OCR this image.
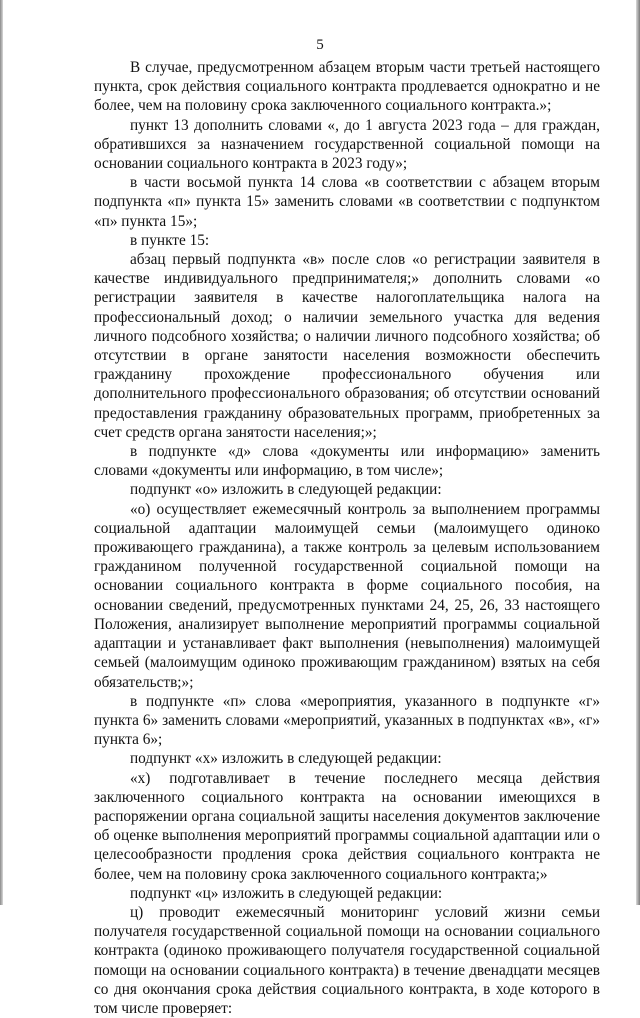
5

В случае, предусмотренном абзацем вторым части третьей настоящего пункта, срок действия социального контракта продлевается однократно и не более, чем на половину срока заключенного социального контракта.»;

пункт 13 дополнить словами «, до 1 августа 2023 года – для граждан, обратившихся за назначением государственной социальной помощи на основании социального контракта в 2023 году»;

в части восьмой пункта 14 слова «в соответствии с абзацем вторым подпункта «п» пункта 15» заменить словами «в соответствии с подпунктом «п» пункта 15»;

в пункте 15:

абзац первый подпункта «в» после слов «о регистрации заявителя в качестве индивидуального предпринимателя;» дополнить словами «о регистрации заявителя в качестве налогоплательщика налога на профессиональный доход; о наличии земельного участка для ведения личного подсобного хозяйства; о наличии личного подсобного хозяйства; об отсутствии в органе занятости населения возможности обеспечить гражданину прохождение профессионального обучения или дополнительного профессионального образования; об отсутствии оснований предоставления гражданину образовательных программ, приобретенных за счет средств органа занятости населения;»;

в подпункте «д» слова «документы или информацию» заменить словами «документы или информацию, в том числе»;

подпункт «о» изложить в следующей редакции:

«о) осуществляет ежемесячный контроль за выполнением программы социальной адаптации малоимущей семьи (малоимущего одиноко проживающего гражданина), а также контроль за целевым использованием гражданином полученной государственной социальной помощи на основании социального контракта в форме социального пособия, на основании сведений, предусмотренных пунктами 24, 25, 26, 33 настоящего Положения, анализирует выполнение мероприятий программы социальной адаптации и устанавливает факт выполнения (невыполнения) малоимущей семьей (малоимущим одиноко проживающим гражданином) взятых на себя обязательств;»;

в подпункте «п» слова «мероприятия, указанного в подпункте «г» пункта 6» заменить словами «мероприятий, указанных в подпунктах «в», «г» пункта 6»;

подпункт «х» изложить в следующей редакции:

«х) подготавливает в течение последнего месяца действия заключенного социального контракта на основании имеющихся в распоряжении органа социальной защиты населения документов заключение об оценке выполнения мероприятий программы социальной адаптации или о целесообразности продления срока действия социального контракта не более, чем на половину срока заключенного социального контракта;»

подпункт «ц» изложить в следующей редакции:

ц) проводит ежемесячный мониторинг условий жизни семьи получателя государственной социальной помощи на основании социального контракта (одиноко проживающего получателя государственной социальной помощи на основании социального контракта) в течение двенадцати месяцев со дня окончания срока действия социального контракта, в ходе которого в том числе проверяет:
